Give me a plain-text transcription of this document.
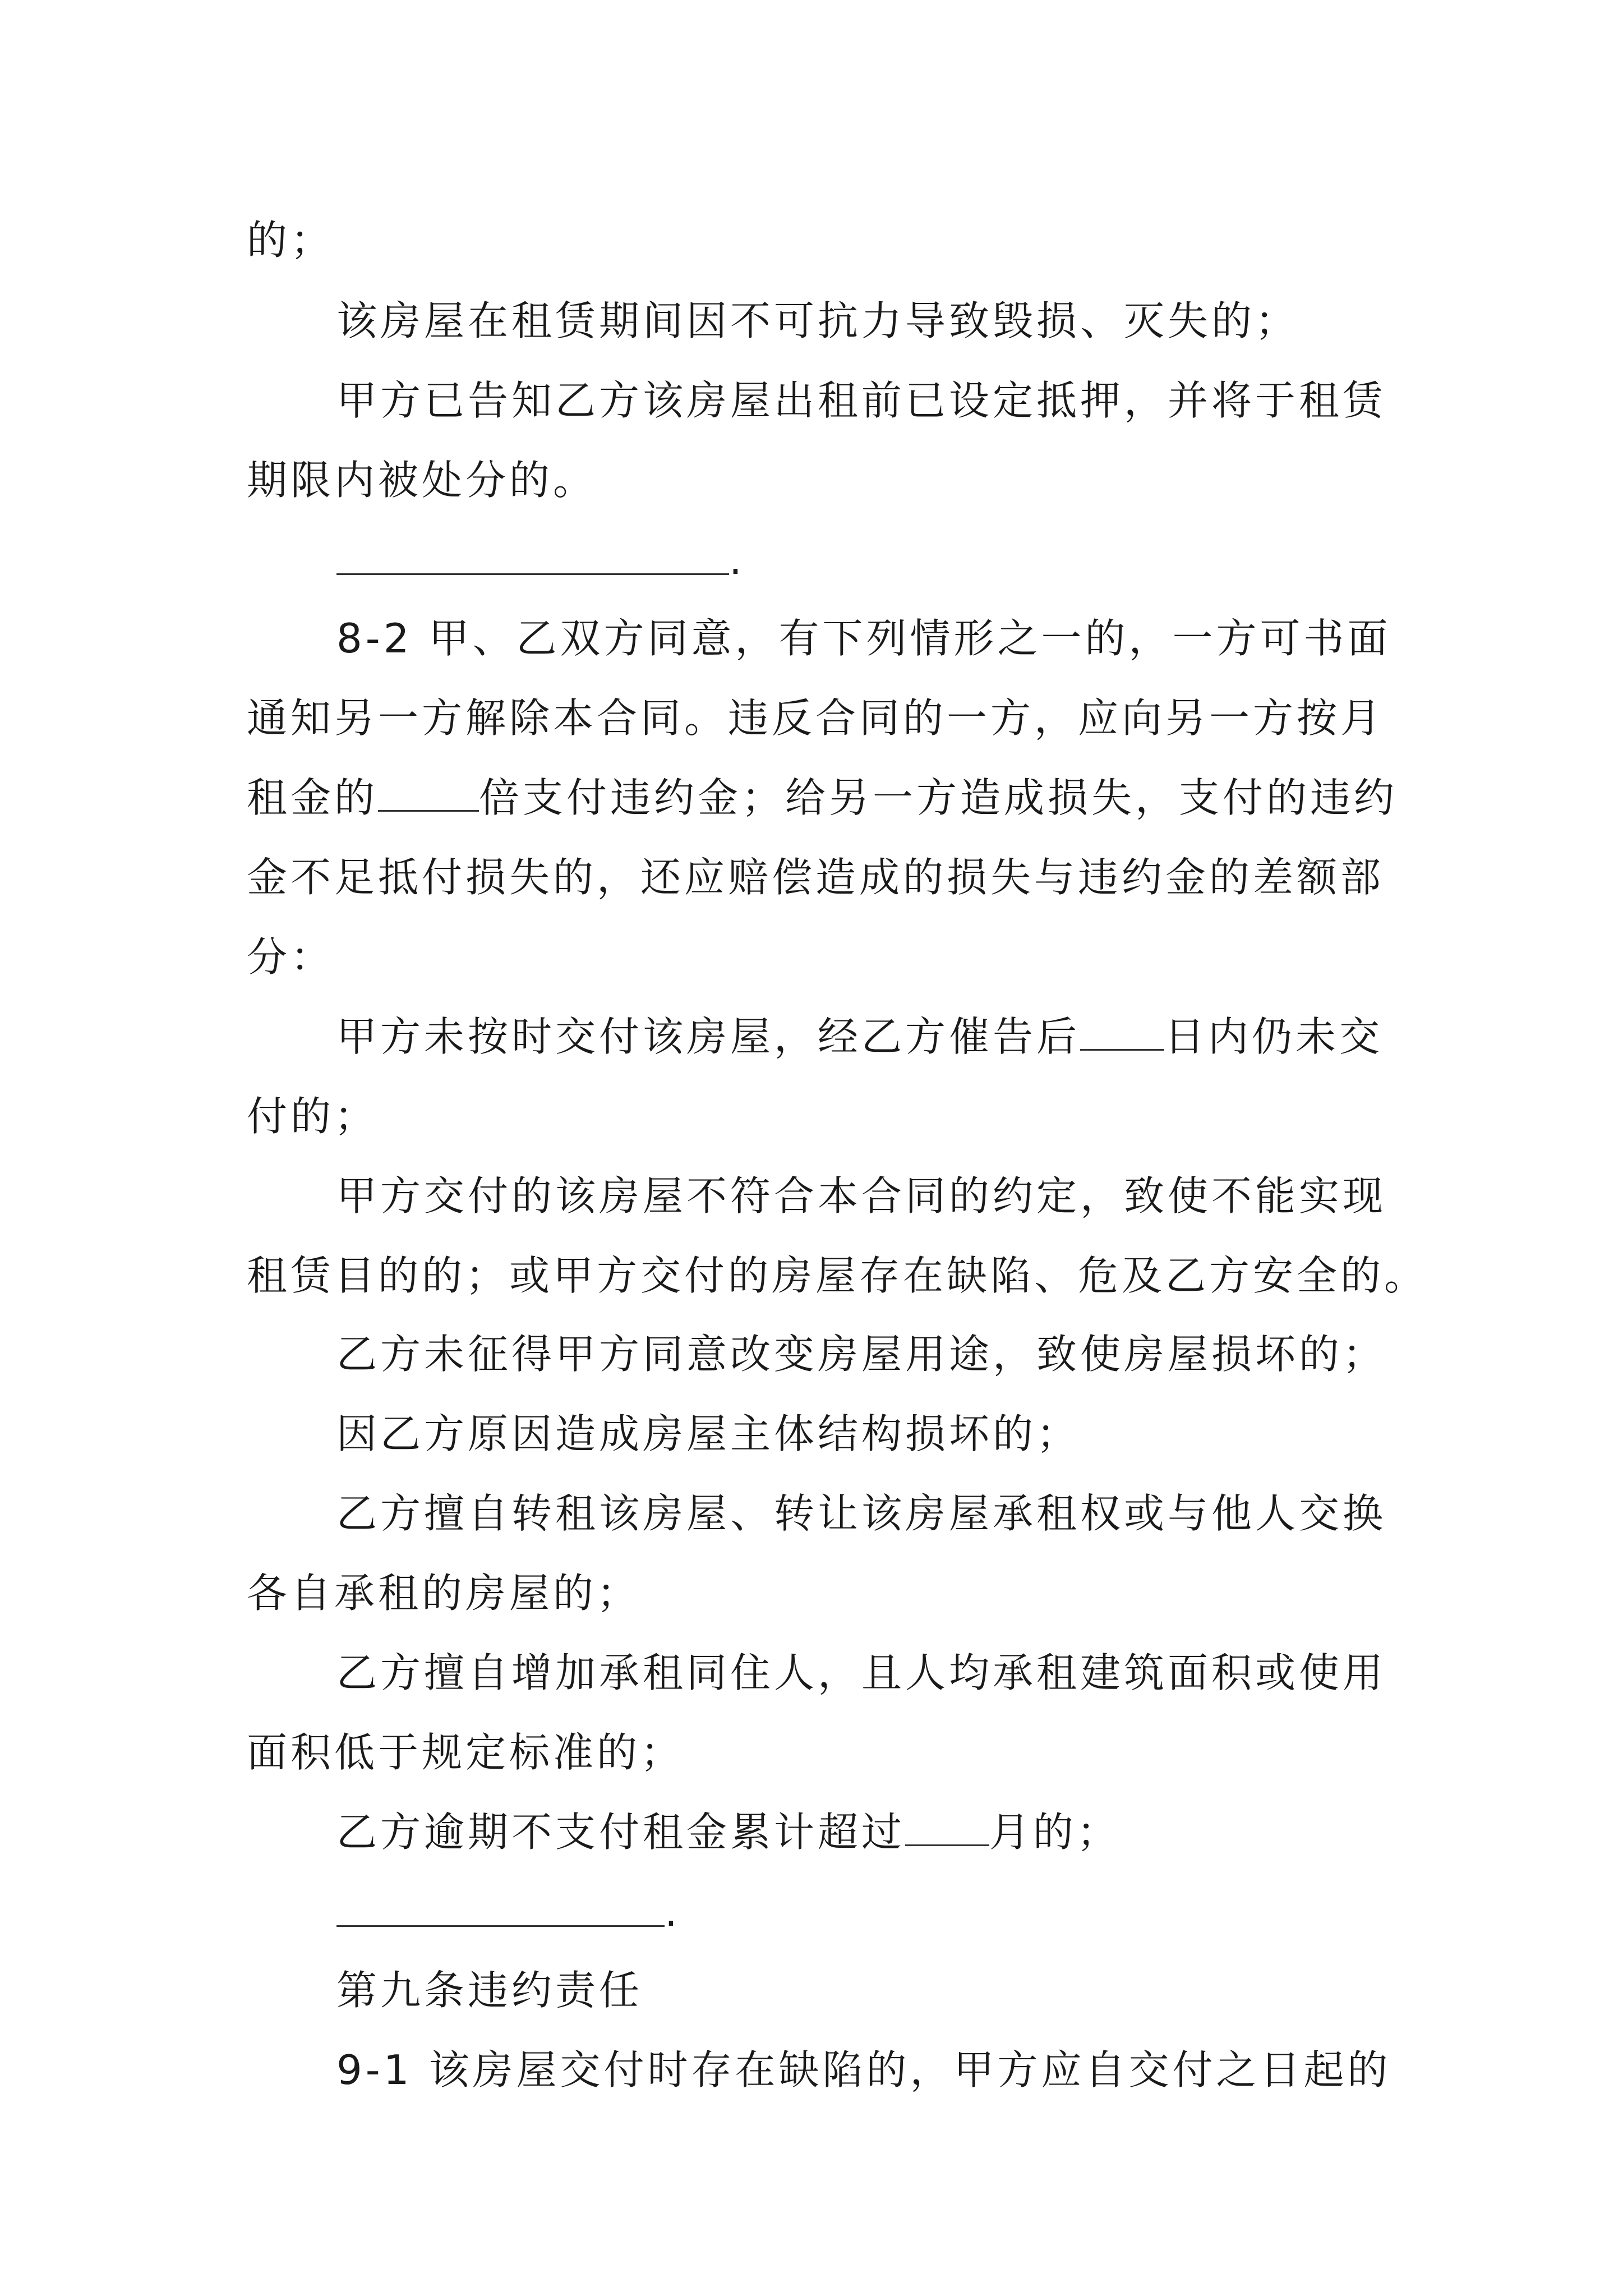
的；
该房屋在租赁期间因不可抗力导致毁损、灭失的；
甲方已告知乙方该房屋出租前已设定抵押，并将于租赁
期限内被处分的。
.
8-2 甲、乙双方同意，有下列情形之一的，一方可书面
通知另一方解除本合同。违反合同的一方，应向另一方按月
租金的	倍支付违约金；给另一方造成损失，支付的违约
金不足抵付损失的，还应赔偿造成的损失与违约金的差额部
分：
甲方未按时交付该房屋，经乙方催告后 日内仍未交
付的；
甲方交付的该房屋不符合本合同的约定，致使不能实现
租赁目的的；或甲方交付的房屋存在缺陷、危及乙方安全的。
乙方未征得甲方同意改变房屋用途，致使房屋损坏的；
因乙方原因造成房屋主体结构损坏的；
乙方擅自转租该房屋、转让该房屋承租权或与他人交换
各自承租的房屋的；
乙方擅自增加承租同住人，且人均承租建筑面积或使用
面积低于规定标准的；
乙方逾期不支付租金累计超过 月的；
.
第九条违约责任
9-1 该房屋交付时存在缺陷的，甲方应自交付之日起的
